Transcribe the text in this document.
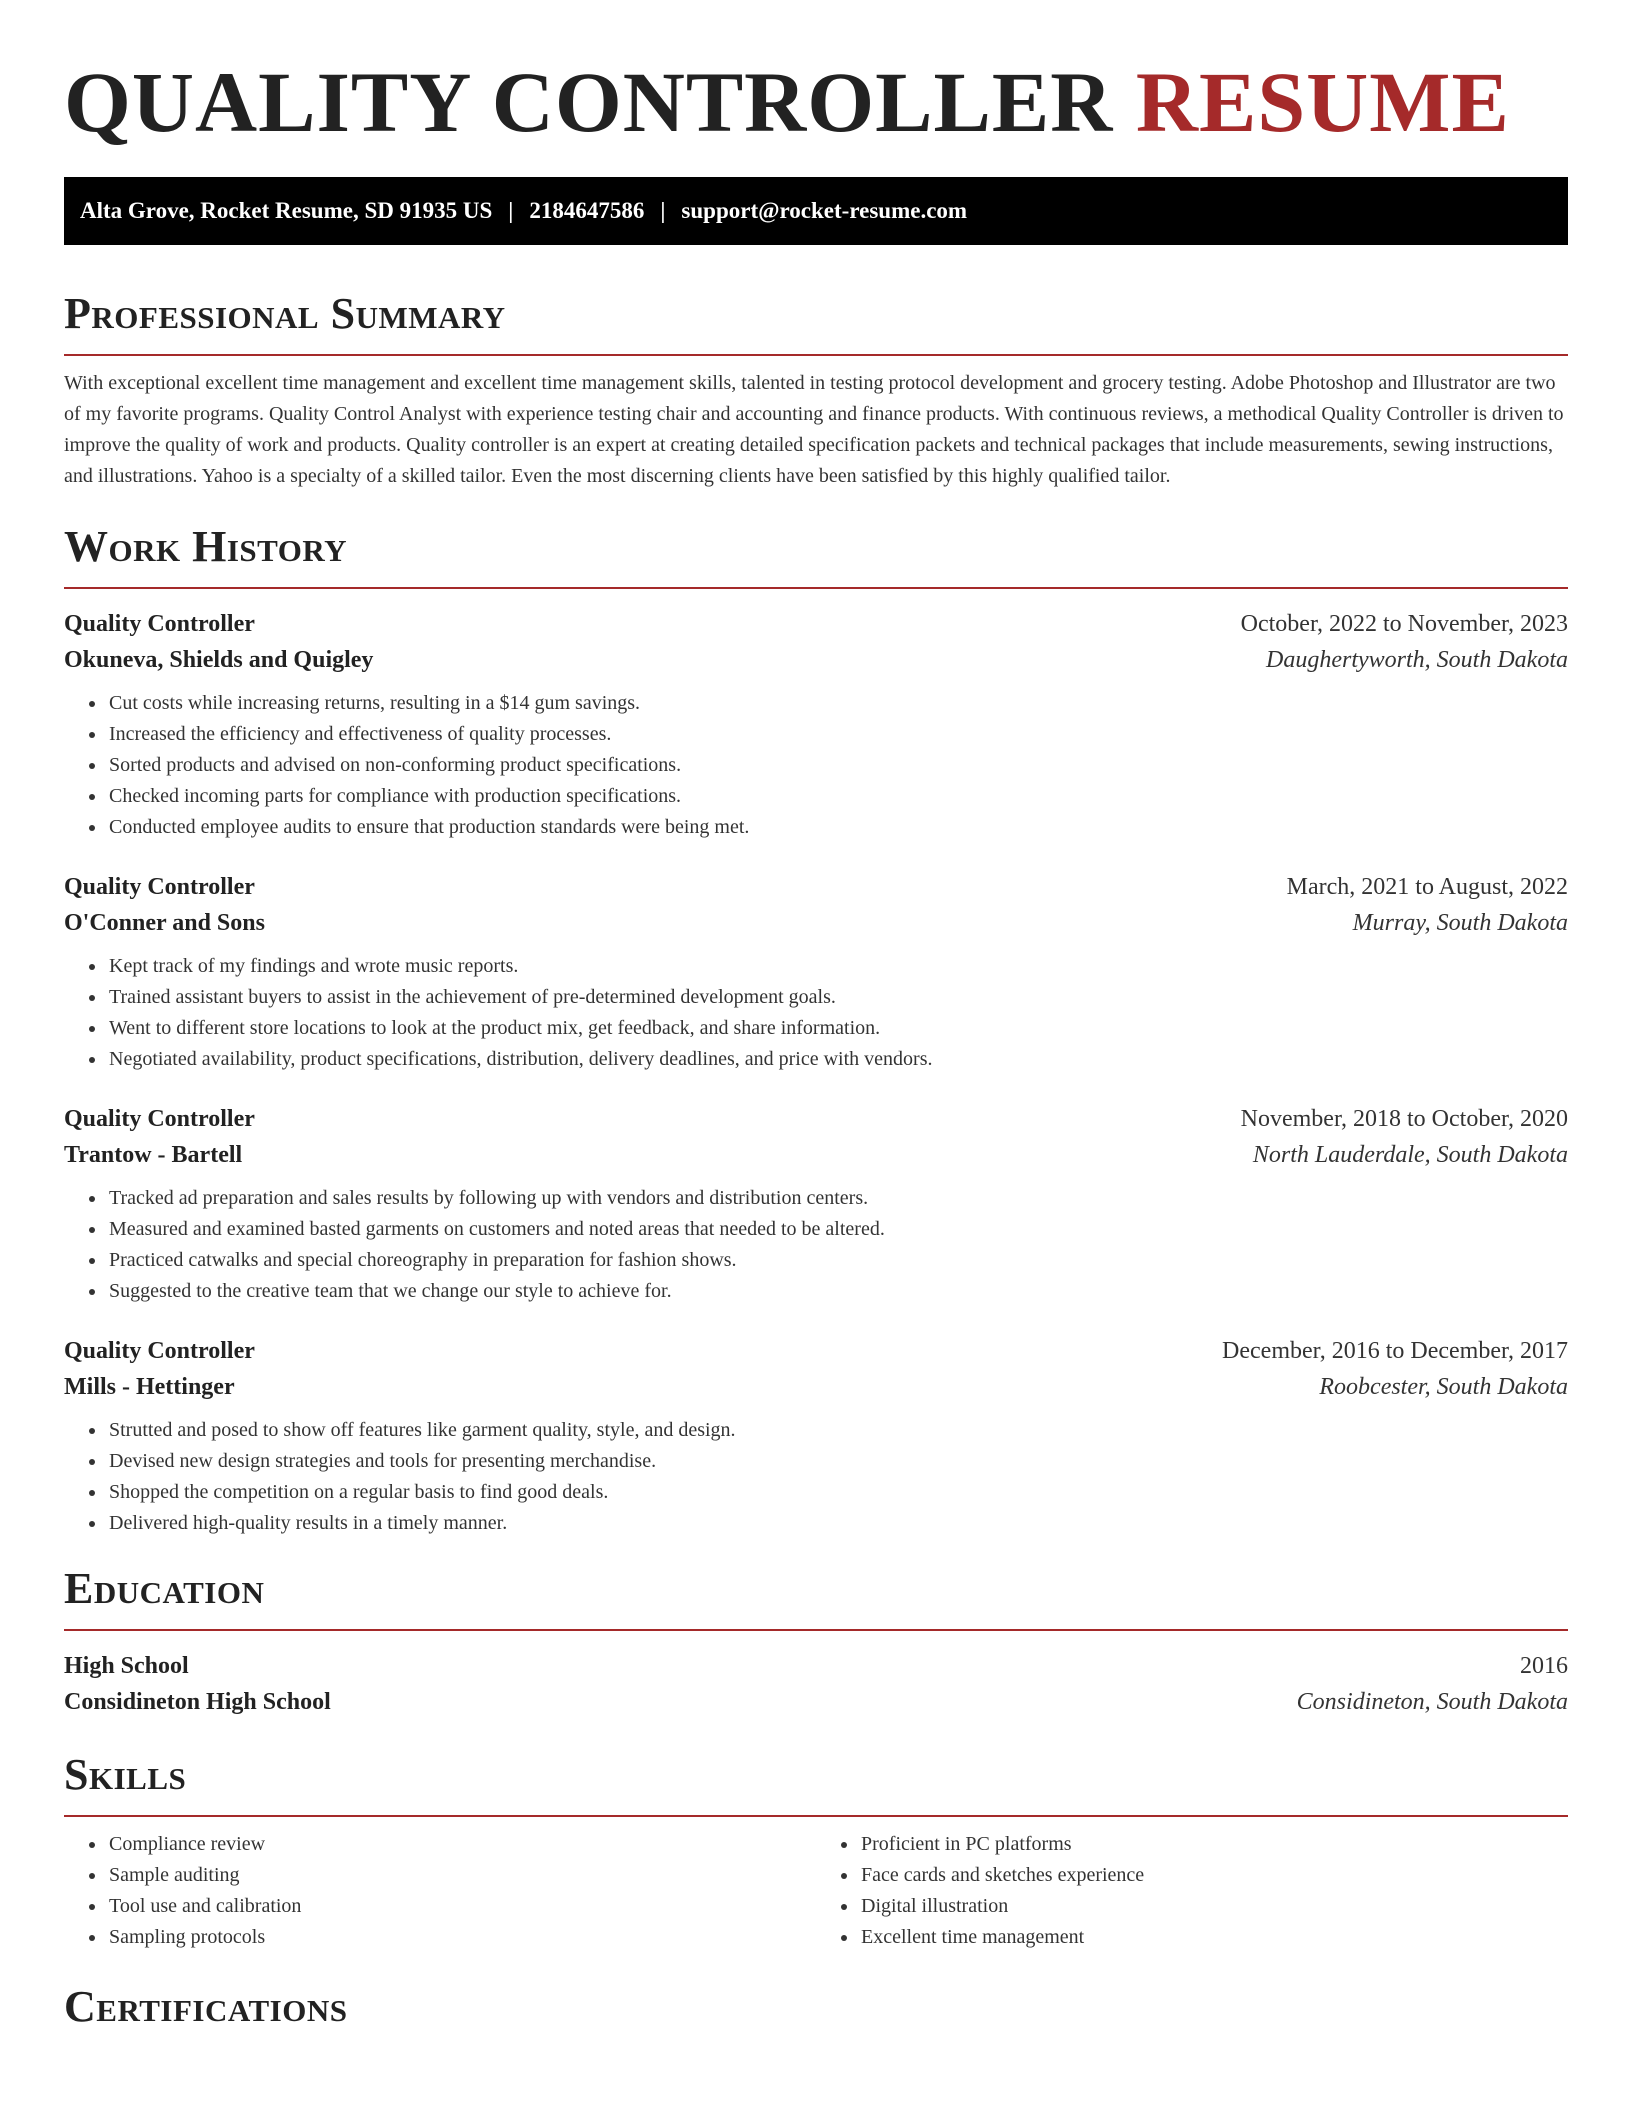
QUALITY CONTROLLER RESUME
Alta Grove, Rocket Resume, SD 91935 US | 2184647586 | support@rocket-resume.com
Professional Summary

With exceptional excellent time management and excellent time management skills, talented in testing protocol development and grocery testing. Adobe Photoshop and Illustrator are two of my favorite programs. Quality Control Analyst with experience testing chair and accounting and finance products. With continuous reviews, a methodical Quality Controller is driven to improve the quality of work and products. Quality controller is an expert at creating detailed specification packets and technical packages that include measurements, sewing instructions, and illustrations. Yahoo is a specialty of a skilled tailor. Even the most discerning clients have been satisfied by this highly qualified tailor.

Work History
Quality Controller	October, 2022 to November, 2023
Okuneva, Shields and Quigley	Daughertyworth, South Dakota
• Cut costs while increasing returns, resulting in a $14 gum savings.
• Increased the efficiency and effectiveness of quality processes.
• Sorted products and advised on non-conforming product specifications.
• Checked incoming parts for compliance with production specifications.
• Conducted employee audits to ensure that production standards were being met.
Quality Controller	March, 2021 to August, 2022
O'Conner and Sons	Murray, South Dakota
• Kept track of my findings and wrote music reports.
• Trained assistant buyers to assist in the achievement of pre-determined development goals.
• Went to different store locations to look at the product mix, get feedback, and share information.
• Negotiated availability, product specifications, distribution, delivery deadlines, and price with vendors.
Quality Controller	November, 2018 to October, 2020
Trantow - Bartell	North Lauderdale, South Dakota
• Tracked ad preparation and sales results by following up with vendors and distribution centers.
• Measured and examined basted garments on customers and noted areas that needed to be altered.
• Practiced catwalks and special choreography in preparation for fashion shows.
• Suggested to the creative team that we change our style to achieve for.
Quality Controller	December, 2016 to December, 2017
Mills - Hettinger	Roobcester, South Dakota
• Strutted and posed to show off features like garment quality, style, and design.
• Devised new design strategies and tools for presenting merchandise.
• Shopped the competition on a regular basis to find good deals.
• Delivered high-quality results in a timely manner.
Education
High School	2016
Considineton High School	Considineton, South Dakota
Skills
• Compliance review
• Sample auditing
• Tool use and calibration
• Sampling protocols
• Proficient in PC platforms
• Face cards and sketches experience
• Digital illustration
• Excellent time management
Certifications
